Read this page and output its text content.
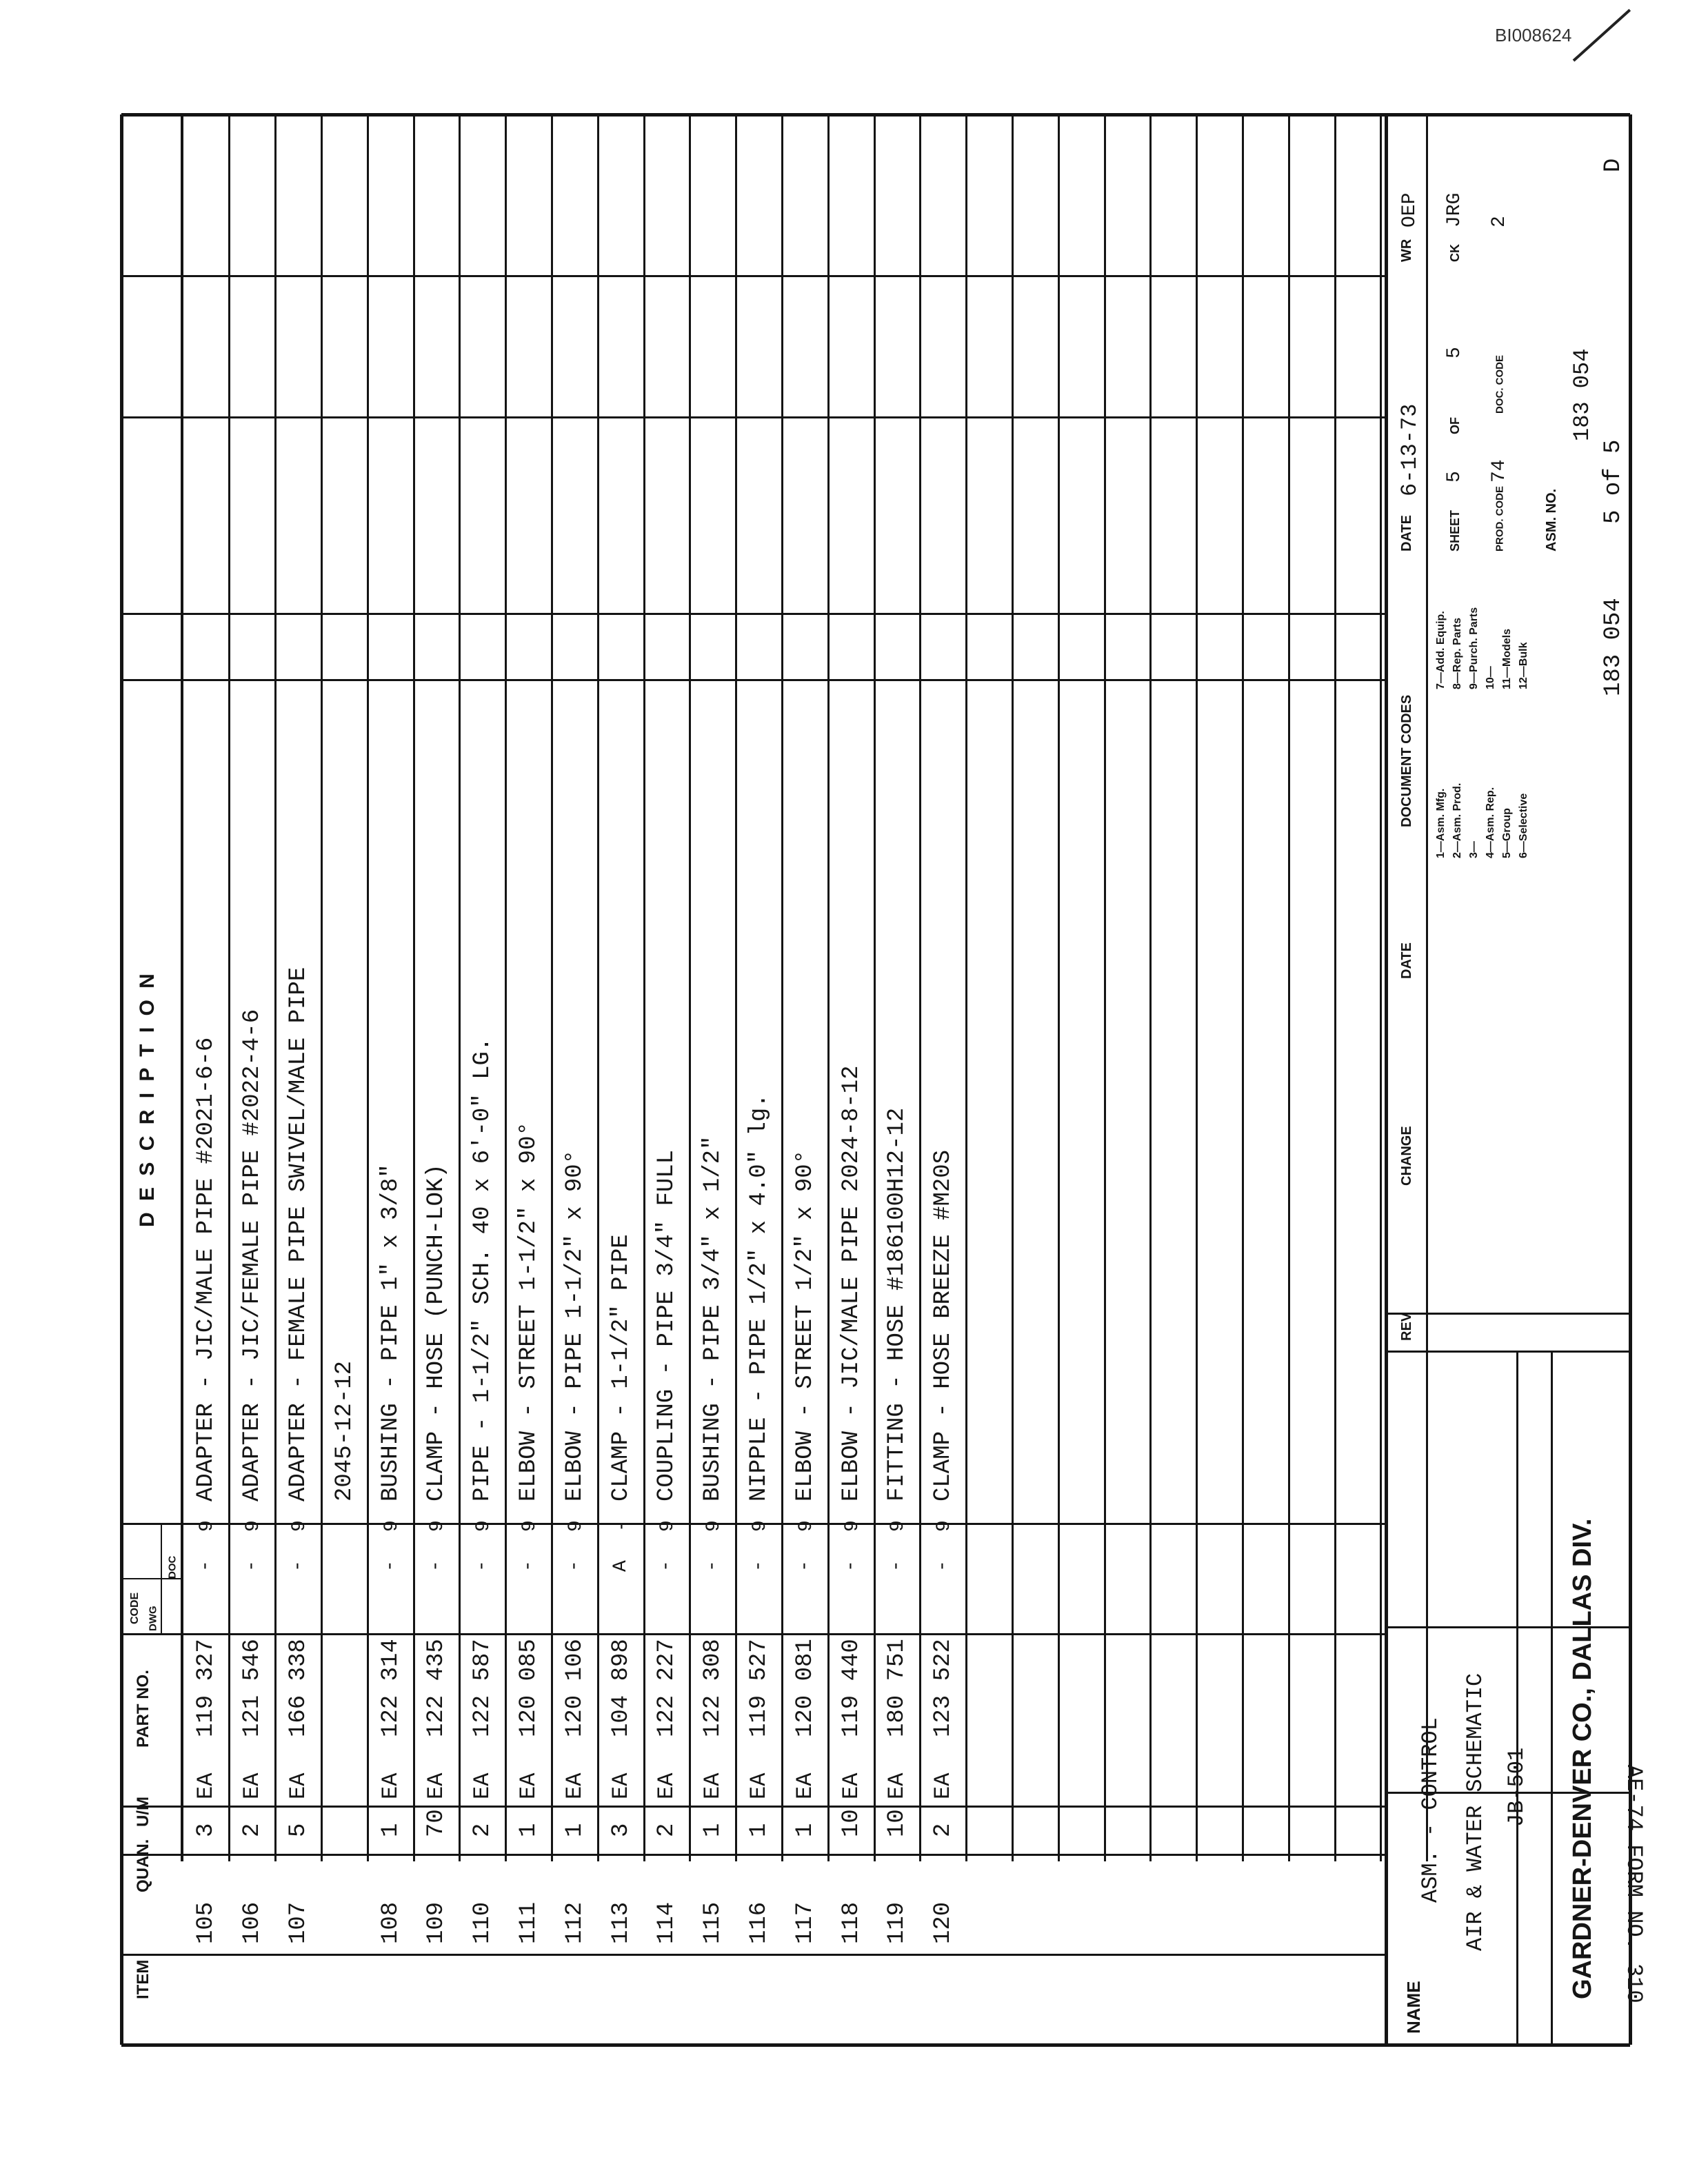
BI008624
ITEM
QUAN.
U/M
PART NO.
CODE DWG
DOC
D E S C R I P T I O N
105
3
EA
119 327
-
9
ADAPTER - JIC/MALE PIPE #2021-6-6
106
2
EA
121 546
-
9
ADAPTER - JIC/FEMALE PIPE #2022-4-6
107
5
EA
166 338
-
9
ADAPTER - FEMALE PIPE SWIVEL/MALE PIPE 2045-12-12
108
1
EA
122 314
-
9
BUSHING - PIPE 1" x 3/8"
109
70
EA
122 435
-
9
CLAMP - HOSE (PUNCH-LOK)
110
2
EA
122 587
-
9
PIPE - 1-1/2" SCH. 40 x 6'-0" LG.
111
1
EA
120 085
-
9
ELBOW - STREET 1-1/2" x 90°
112
1
EA
120 106
-
9
ELBOW - PIPE 1-1/2" x 90°
113
3
EA
104 898
A
-
CLAMP - 1-1/2" PIPE
114
2
EA
122 227
-
9
COUPLING - PIPE 3/4" FULL
115
1
EA
122 308
-
9
BUSHING - PIPE 3/4" x 1/2"
116
1
EA
119 527
-
9
NIPPLE - PIPE 1/2" x 4.0" lg.
117
1
EA
120 081
-
9
ELBOW - STREET 1/2" x 90°
118
10
EA
119 440
-
9
ELBOW - JIC/MALE PIPE 2024-8-12
119
10
EA
180 751
-
9
FITTING - HOSE #186100H12-12
120
2
EA
123 522
-
9
CLAMP - HOSE BREEZE #M20S
183 054
5 of 5
D
NAME
ASM. - CONTROL AIR & WATER SCHEMATIC JB-501 GARDNER-DENVER CO., DALLAS DIV.
REV
CHANGE
DATE
DOCUMENT CODES 1—Asm. Mfg. 2—Asm. Prod. 3— 4—Asm. Rep. 5—Group 6—Selective
7—Add. Equip. 8—Rep. Parts 9—Purch. Parts 10— 11—Models 12—Bulk
DATE
6-13-73
WR
OEP
SHEET
5
OF
5
CK
JRG
PROD. CODE
74
DOC. CODE
2
ASM. NO.
183 054
AE-74 FORM NO. 310
